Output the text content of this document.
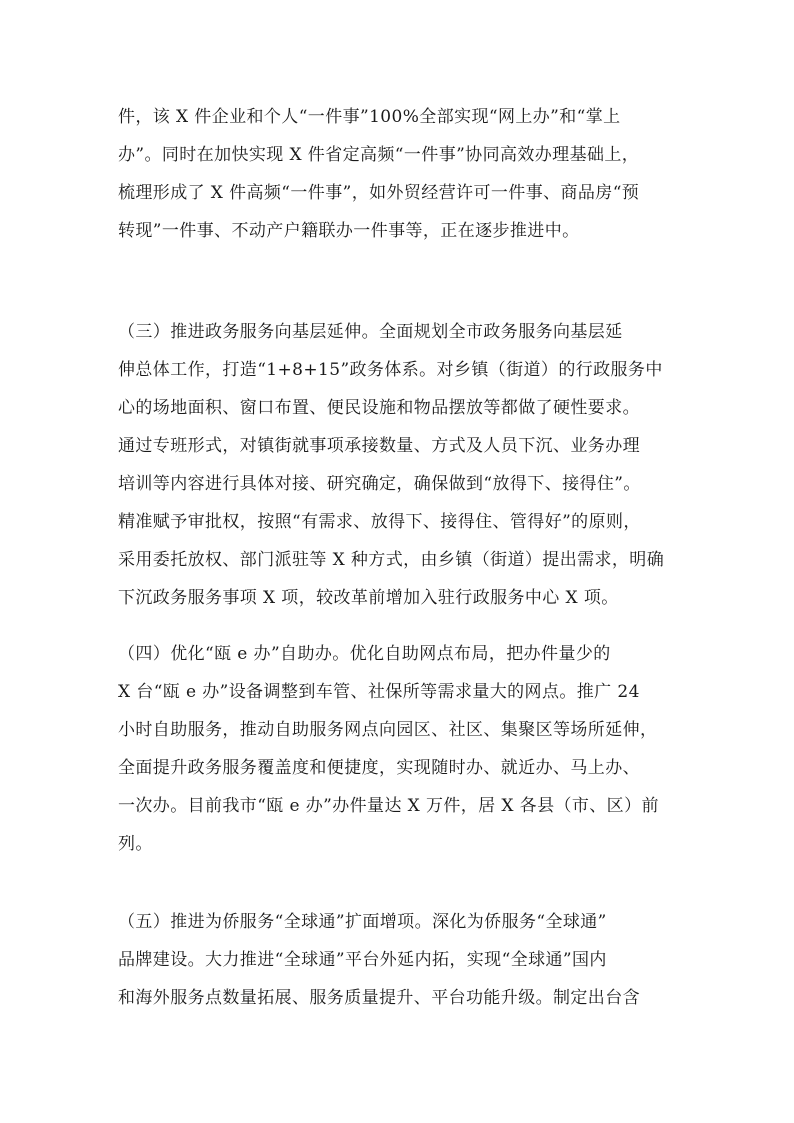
件，该 X 件企业和个人“一件事”100%全部实现“网上办”和“掌上
办”。同时在加快实现 X 件省定高频“一件事”协同高效办理基础上，
梳理形成了 X 件高频“一件事”，如外贸经营许可一件事、商品房“预
转现”一件事、不动产户籍联办一件事等，正在逐步推进中。
（三）推进政务服务向基层延伸。全面规划全市政务服务向基层延
伸总体工作，打造“1+8+15”政务体系。对乡镇（街道）的行政服务中
心的场地面积、窗口布置、便民设施和物品摆放等都做了硬性要求。
通过专班形式，对镇街就事项承接数量、方式及人员下沉、业务办理
培训等内容进行具体对接、研究确定，确保做到“放得下、接得住”。
精准赋予审批权，按照“有需求、放得下、接得住、管得好”的原则，
采用委托放权、部门派驻等 X 种方式，由乡镇（街道）提出需求，明确
下沉政务服务事项 X 项，较改革前增加入驻行政服务中心 X 项。
（四）优化“瓯 e 办”自助办。优化自助网点布局，把办件量少的
X 台“瓯 e 办”设备调整到车管、社保所等需求量大的网点。推广 24
小时自助服务，推动自助服务网点向园区、社区、集聚区等场所延伸，
全面提升政务服务覆盖度和便捷度，实现随时办、就近办、马上办、
一次办。目前我市“瓯 e 办”办件量达 X 万件，居 X 各县（市、区）前
列。
（五）推进为侨服务“全球通”扩面增项。深化为侨服务“全球通”
品牌建设。大力推进“全球通”平台外延内拓，实现“全球通”国内
和海外服务点数量拓展、服务质量提升、平台功能升级。制定出台含
